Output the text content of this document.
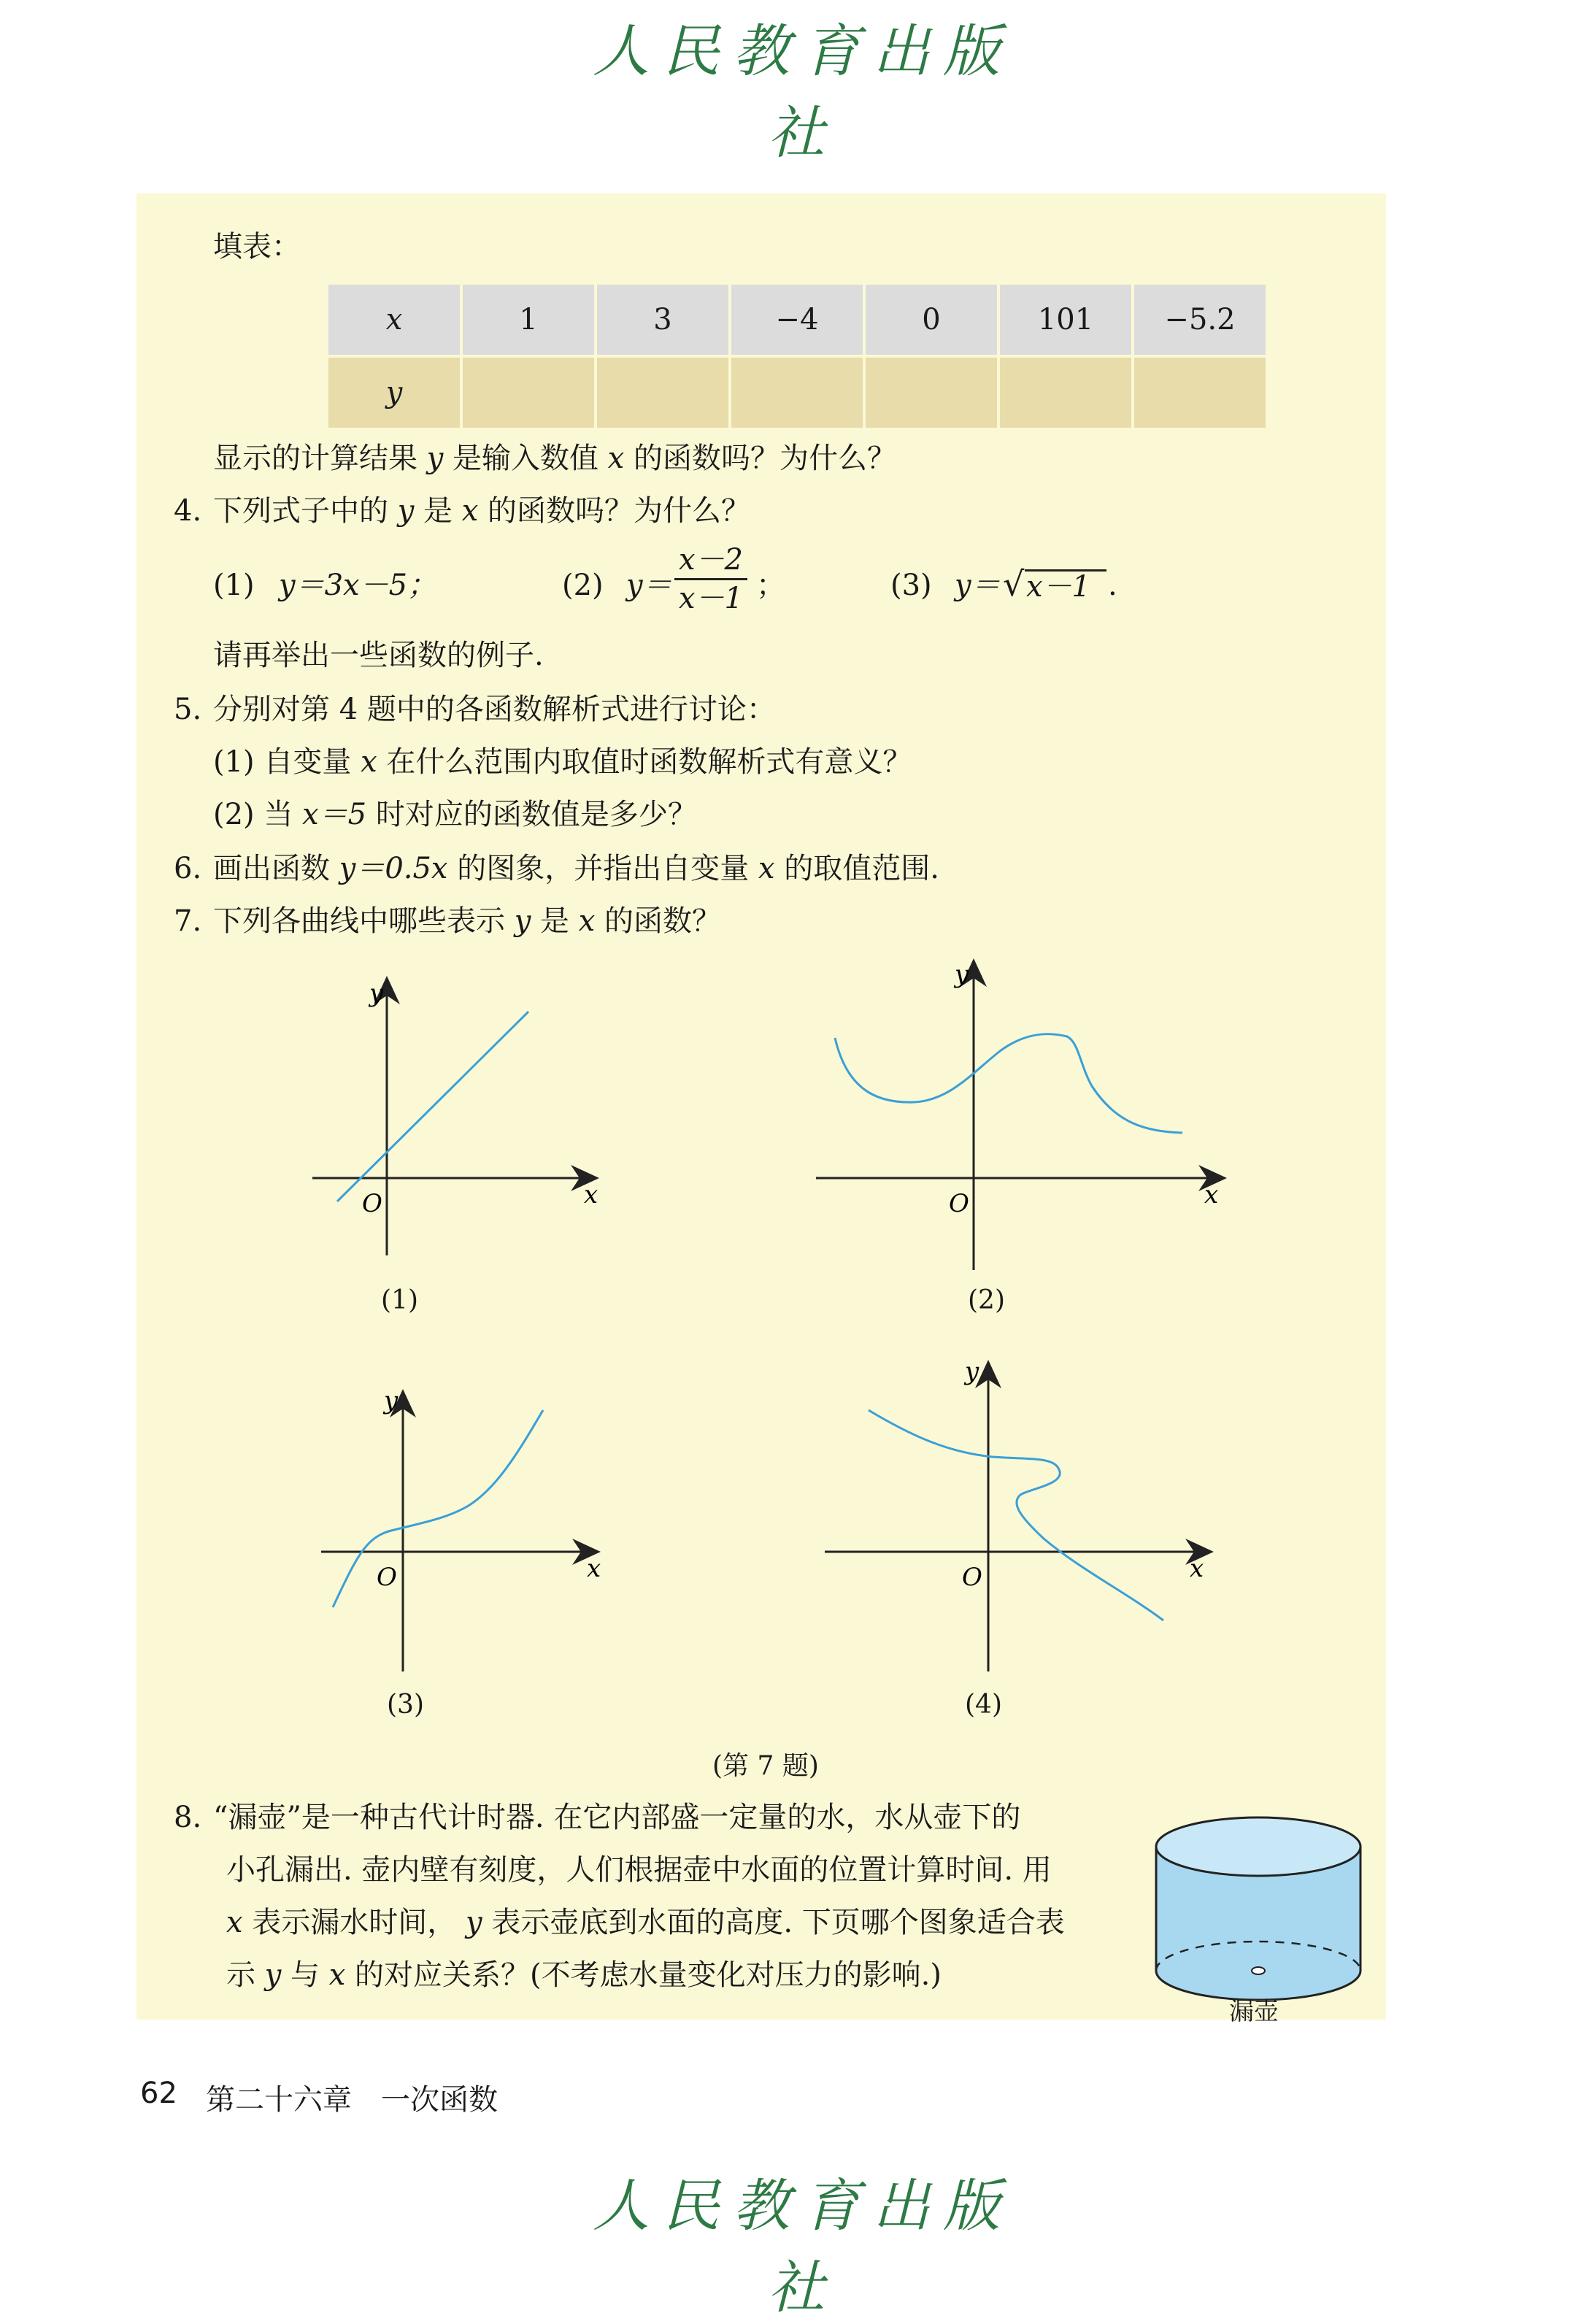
人民教育出版社
填表：
x	1	3	−4	0	101	−5.2
y						
显示的计算结果 y 是输入数值 x 的函数吗？为什么？
4. 下列式子中的 y 是 x 的函数吗？为什么？
(1) y＝3x－5；	(2) $y= \frac{x-2}{x-1}$ ；	(3) y＝ √ x－1 .
请再举出一些函数的例子.
5. 分别对第 4 题中的各函数解析式进行讨论：
(1) 自变量 x 在什么范围内取值时函数解析式有意义？
(2) 当 x＝5 时对应的函数值是多少？
6. 画出函数 y＝0.5x 的图象，并指出自变量 x 的取值范围.
7. 下列各曲线中哪些表示 y 是 x 的函数？
x
y
O	x
y
O
x
y
O	x
y
O
(1)	(2)
(3)	(4)
(第 7 题)
8. “漏壶”是一种古代计时器. 在它内部盛一定量的水，水从壶下的
小孔漏出. 壶内壁有刻度，人们根据壶中水面的位置计算时间. 用
x 表示漏水时间， y 表示壶底到水面的高度. 下页哪个图象适合表
示 y 与 x 的对应关系？(不考虑水量变化对压力的影响.)
漏壶
62 第二十六章　一次函数
人民教育出版社
